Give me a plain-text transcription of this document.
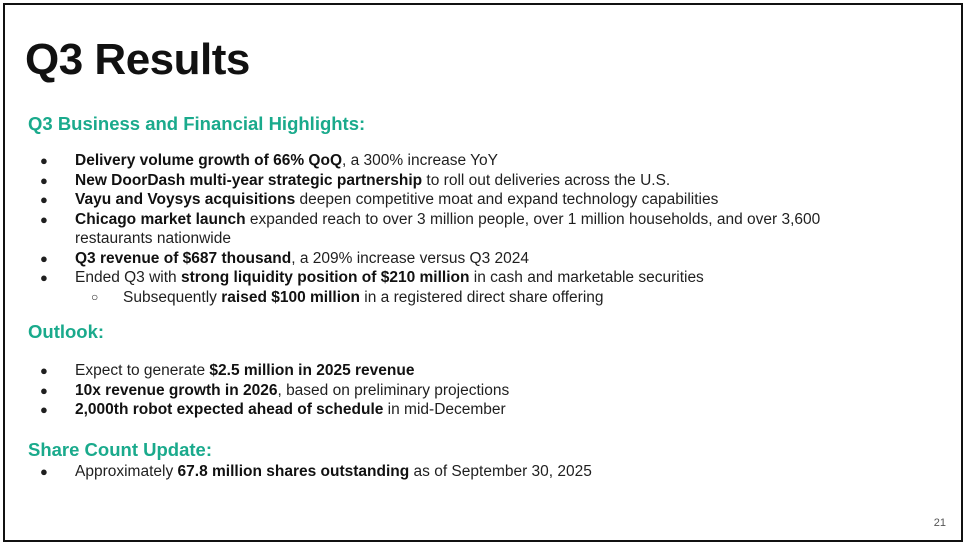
Q3 Results
Q3 Business and Financial Highlights:
● Delivery volume growth of 66% QoQ, a 300% increase YoY
● New DoorDash multi-year strategic partnership to roll out deliveries across the U.S.
● Vayu and Voysys acquisitions deepen competitive moat and expand technology capabilities
● Chicago market launch expanded reach to over 3 million people, over 1 million households, and over 3,600 restaurants nationwide
● Q3 revenue of $687 thousand, a 209% increase versus Q3 2024
● Ended Q3 with strong liquidity position of $210 million in cash and marketable securities
○ Subsequently raised $100 million in a registered direct share offering
Outlook:
● Expect to generate $2.5 million in 2025 revenue
● 10x revenue growth in 2026, based on preliminary projections
● 2,000th robot expected ahead of schedule in mid-December
Share Count Update:
● Approximately 67.8 million shares outstanding as of September 30, 2025
21
